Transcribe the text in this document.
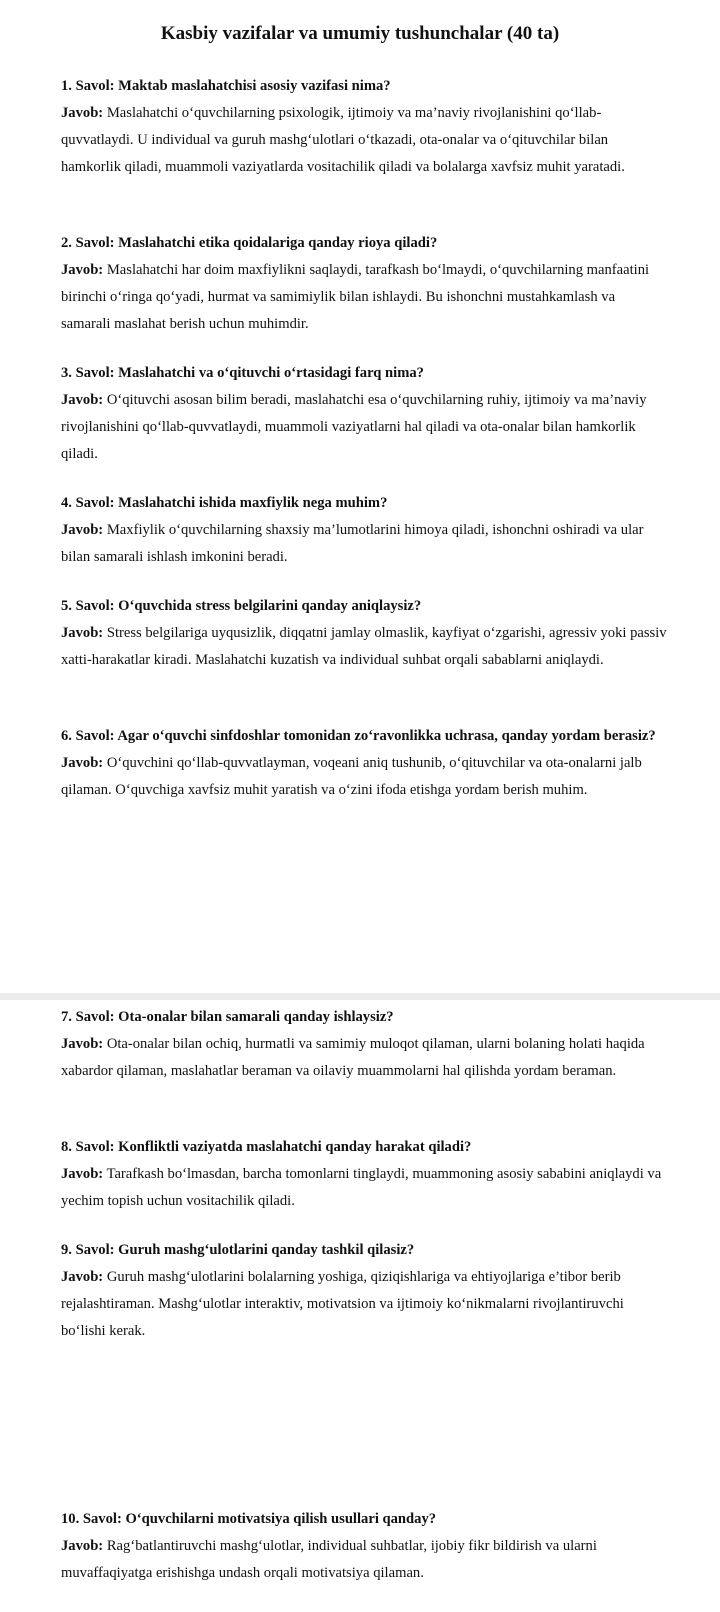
Kasbiy vazifalar va umumiy tushunchalar (40 ta)
1. Savol: Maktab maslahatchisi asosiy vazifasi nima?
Javob: Maslahatchi o‘quvchilarning psixologik, ijtimoiy va ma’naviy rivojlanishini qo‘llab-quvvatlaydi. U individual va guruh mashg‘ulotlari o‘tkazadi, ota-onalar va o‘qituvchilar bilan hamkorlik qiladi, muammoli vaziyatlarda vositachilik qiladi va bolalarga xavfsiz muhit yaratadi.
2. Savol: Maslahatchi etika qoidalariga qanday rioya qiladi?
Javob: Maslahatchi har doim maxfiylikni saqlaydi, tarafkash bo‘lmaydi, o‘quvchilarning manfaatini birinchi o‘ringa qo‘yadi, hurmat va samimiylik bilan ishlaydi. Bu ishonchni mustahkamlash va samarali maslahat berish uchun muhimdir.
3. Savol: Maslahatchi va o‘qituvchi o‘rtasidagi farq nima?
Javob: O‘qituvchi asosan bilim beradi, maslahatchi esa o‘quvchilarning ruhiy, ijtimoiy va ma’naviy rivojlanishini qo‘llab-quvvatlaydi, muammoli vaziyatlarni hal qiladi va ota-onalar bilan hamkorlik qiladi.
4. Savol: Maslahatchi ishida maxfiylik nega muhim?
Javob: Maxfiylik o‘quvchilarning shaxsiy ma’lumotlarini himoya qiladi, ishonchni oshiradi va ular bilan samarali ishlash imkonini beradi.
5. Savol: O‘quvchida stress belgilarini qanday aniqlaysiz?
Javob: Stress belgilariga uyqusizlik, diqqatni jamlay olmaslik, kayfiyat o‘zgarishi, agressiv yoki passiv xatti-harakatlar kiradi. Maslahatchi kuzatish va individual suhbat orqali sabablarni aniqlaydi.
6. Savol: Agar o‘quvchi sinfdoshlar tomonidan zo‘ravonlikka uchrasa, qanday yordam berasiz?
Javob: O‘quvchini qo‘llab-quvvatlayman, voqeani aniq tushunib, o‘qituvchilar va ota-onalarni jalb qilaman. O‘quvchiga xavfsiz muhit yaratish va o‘zini ifoda etishga yordam berish muhim.
7. Savol: Ota-onalar bilan samarali qanday ishlaysiz?
Javob: Ota-onalar bilan ochiq, hurmatli va samimiy muloqot qilaman, ularni bolaning holati haqida xabardor qilaman, maslahatlar beraman va oilaviy muammolarni hal qilishda yordam beraman.
8. Savol: Konfliktli vaziyatda maslahatchi qanday harakat qiladi?
Javob: Tarafkash bo‘lmasdan, barcha tomonlarni tinglaydi, muammoning asosiy sababini aniqlaydi va yechim topish uchun vositachilik qiladi.
9. Savol: Guruh mashg‘ulotlarini qanday tashkil qilasiz?
Javob: Guruh mashg‘ulotlarini bolalarning yoshiga, qiziqishlariga va ehtiyojlariga e’tibor berib rejalashtiraman. Mashg‘ulotlar interaktiv, motivatsion va ijtimoiy ko‘nikmalarni rivojlantiruvchi bo‘lishi kerak.
10. Savol: O‘quvchilarni motivatsiya qilish usullari qanday?
Javob: Rag‘batlantiruvchi mashg‘ulotlar, individual suhbatlar, ijobiy fikr bildirish va ularni muvaffaqiyatga erishishga undash orqali motivatsiya qilaman.
